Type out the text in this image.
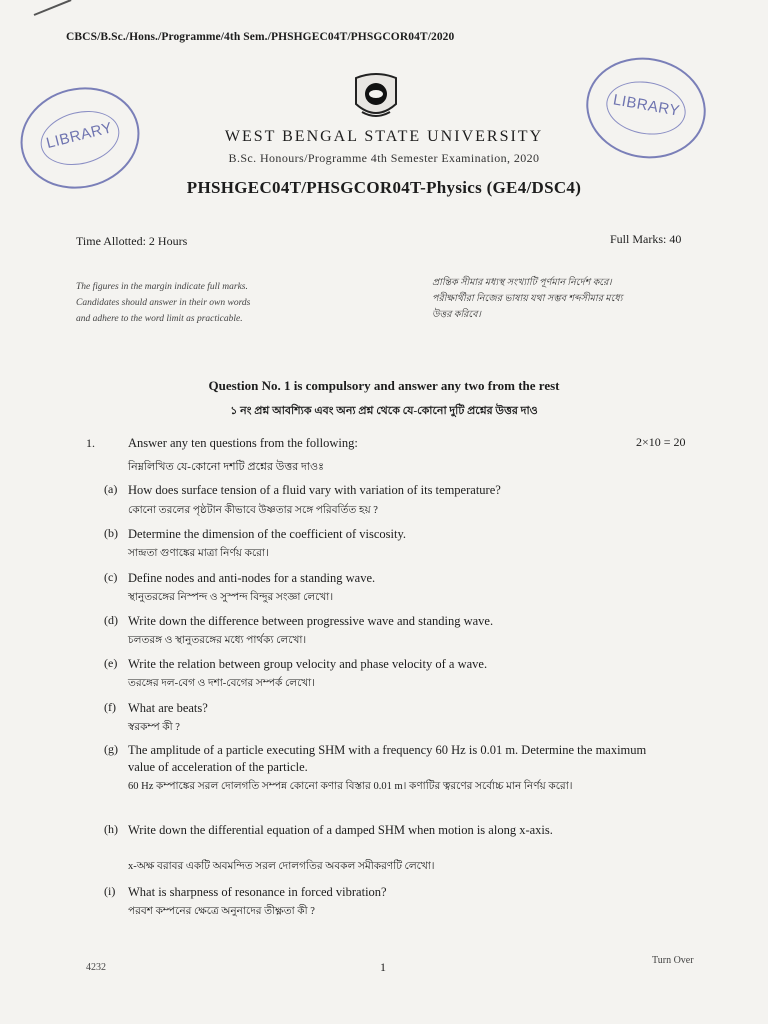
CBCS/B.Sc./Hons./Programme/4th Sem./PHSHGEC04T/PHSGCOR04T/2020
LIBRARY
LIBRARY
WEST BENGAL STATE UNIVERSITY
B.Sc. Honours/Programme 4th Semester Examination, 2020
PHSHGEC04T/PHSGCOR04T-Physics (GE4/DSC4)
Time Allotted: 2 Hours	Full Marks: 40
The figures in the margin indicate full marks.
Candidates should answer in their own words
and adhere to the word limit as practicable.
প্রান্তিক সীমার মধ্যস্থ সংখ্যাটি পূর্ণমান নির্দেশ করে।
পরীক্ষার্থীরা নিজের ভাষায় যথা সম্ভব শব্দসীমার মধ্যে
উত্তর করিবে।
Question No. 1 is compulsory and answer any two from the rest
১ নং প্রশ্ন আবশ্যিক এবং অন্য প্রশ্ন থেকে যে-কোনো দুটি প্রশ্নের উত্তর দাও
1.	Answer any ten questions from the following:
নিম্নলিখিত যে-কোনো দশটি প্রশ্নের উত্তর দাওঃ
2×10 = 20
(a) How does surface tension of a fluid vary with variation of its temperature?
কোনো তরলের পৃষ্ঠটান কীভাবে উষ্ণতার সঙ্গে পরিবর্তিত হয় ?
(b) Determine the dimension of the coefficient of viscosity.
সান্দ্রতা গুণাঙ্কের মাত্রা নির্ণয় করো।
(c) Define nodes and anti-nodes for a standing wave.
স্থানুতরঙ্গের নিস্পন্দ ও সুস্পন্দ বিন্দুর সংজ্ঞা লেখো।
(d) Write down the difference between progressive wave and standing wave.
চলতরঙ্গ ও স্থানুতরঙ্গের মধ্যে পার্থক্য লেখো।
(e) Write the relation between group velocity and phase velocity of a wave.
তরঙ্গের দল-বেগ ও দশা-বেগের সম্পর্ক লেখো।
(f) What are beats?
স্বরকম্প কী ?
(g) The amplitude of a particle executing SHM with a frequency 60 Hz is 0.01 m. Determine the maximum value of acceleration of the particle.
60 Hz কম্পাঙ্কের সরল দোলগতি সম্পন্ন কোনো কণার বিস্তার 0.01 m। কণাটির ত্বরণের সর্বোচ্চ মান নির্ণয় করো।
(h) Write down the differential equation of a damped SHM when motion is along x-axis.
x-অক্ষ বরাবর একটি অবমন্দিত সরল দোলগতির অবকল সমীকরণটি লেখো।
(i) What is sharpness of resonance in forced vibration?
পরবশ কম্পনের ক্ষেত্রে অনুনাদের তীক্ষ্ণতা কী ?
4232	1	Turn Over
